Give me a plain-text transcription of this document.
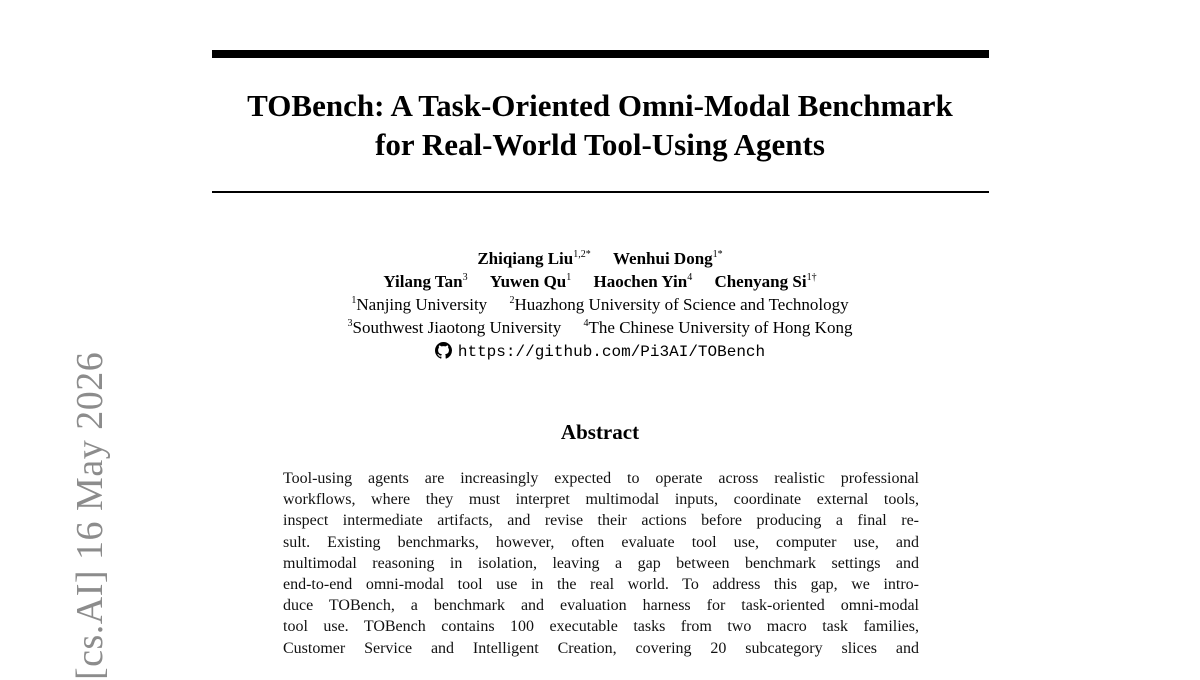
[cs.AI] 16 May 2026
TOBench: A Task-Oriented Omni-Modal Benchmark
for Real-World Tool-Using Agents
Zhiqiang Liu$^{1,2*}$ Wenhui Dong$^{1*}$
Yilang Tan$^3$ Yuwen Qu$^1$ Haochen Yin$^4$ Chenyang $Si^{1\dagger}$
$^1$Nanjing University $^2$Huazhong University of Science and Technology
$^3$Southwest Jiaotong University $^4$The Chinese University of Hong Kong
https://github.com/Pi3AI/TOBench
Abstract
Tool-using agents are increasingly expected to operate across realistic professional
workflows, where they must interpret multimodal inputs, coordinate external tools,
inspect intermediate artifacts, and revise their actions before producing a final re-
sult. Existing benchmarks, however, often evaluate tool use, computer use, and
multimodal reasoning in isolation, leaving a gap between benchmark settings and
end-to-end omni-modal tool use in the real world. To address this gap, we intro-
duce TOBench, a benchmark and evaluation harness for task-oriented omni-modal
tool use. TOBench contains 100 executable tasks from two macro task families,
Customer Service and Intelligent Creation, covering 20 subcategory slices and
